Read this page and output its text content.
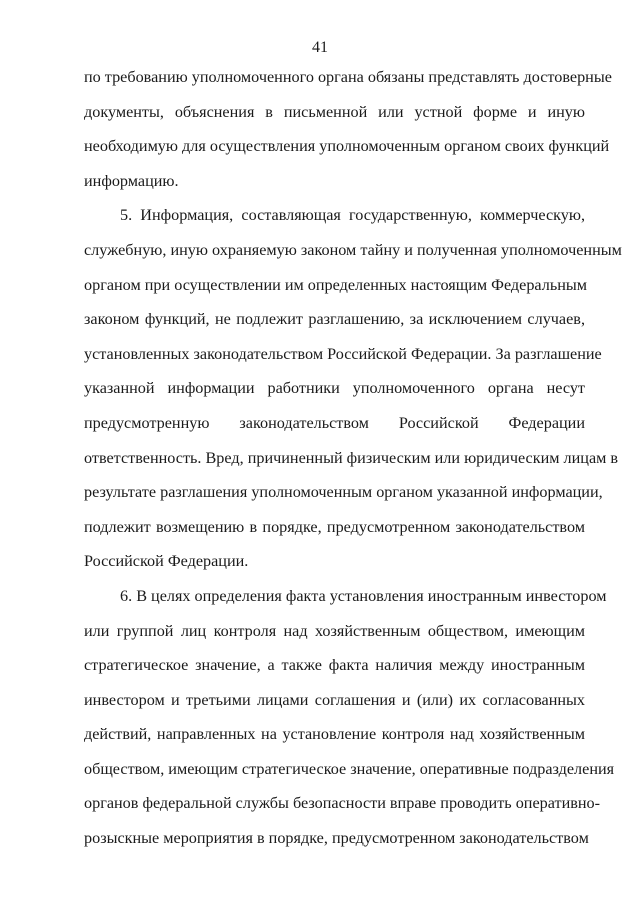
41
по требованию уполномоченного органа обязаны представлять достоверные
документы, объяснения в письменной или устной форме и иную
необходимую для осуществления уполномоченным органом своих функций
информацию.
5. Информация, составляющая государственную, коммерческую,
служебную, иную охраняемую законом тайну и полученная уполномоченным
органом при осуществлении им определенных настоящим Федеральным
законом функций, не подлежит разглашению, за исключением случаев,
установленных законодательством Российской Федерации. За разглашение
указанной информации работники уполномоченного органа несут
предусмотренную законодательством Российской Федерации
ответственность. Вред, причиненный физическим или юридическим лицам в
результате разглашения уполномоченным органом указанной информации,
подлежит возмещению в порядке, предусмотренном законодательством
Российской Федерации.
6. В целях определения факта установления иностранным инвестором
или группой лиц контроля над хозяйственным обществом, имеющим
стратегическое значение, а также факта наличия между иностранным
инвестором и третьими лицами соглашения и (или) их согласованных
действий, направленных на установление контроля над хозяйственным
обществом, имеющим стратегическое значение, оперативные подразделения
органов федеральной службы безопасности вправе проводить оперативно-
розыскные мероприятия в порядке, предусмотренном законодательством
